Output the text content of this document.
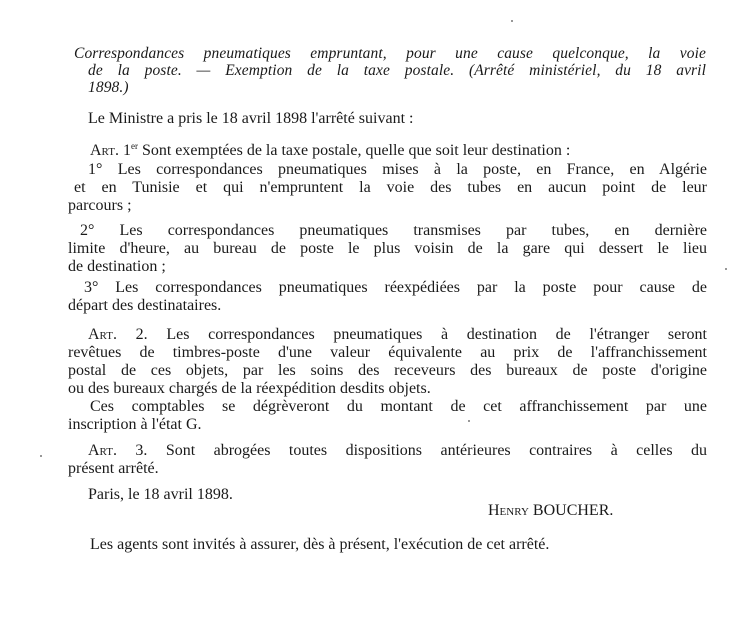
Correspondances pneumatiques empruntant, pour une cause quelconque, la voie
de la poste. — Exemption de la taxe postale. (Arrêté ministériel, du 18 avril
1898.)
Le Ministre a pris le 18 avril 1898 l'arrêté suivant :
Art. 1er Sont exemptées de la taxe postale, quelle que soit leur destination :
1° Les correspondances pneumatiques mises à la poste, en France, en Algérie
et en Tunisie et qui n'empruntent la voie des tubes en aucun point de leur
parcours ;
2° Les correspondances pneumatiques transmises par tubes, en dernière
limite d'heure, au bureau de poste le plus voisin de la gare qui dessert le lieu
de destination ;
3° Les correspondances pneumatiques réexpédiées par la poste pour cause de
départ des destinataires.
Art. 2. Les correspondances pneumatiques à destination de l'étranger seront
revêtues de timbres-poste d'une valeur équivalente au prix de l'affranchissement
postal de ces objets, par les soins des receveurs des bureaux de poste d'origine
ou des bureaux chargés de la réexpédition desdits objets.
Ces comptables se dégrèveront du montant de cet affranchissement par une
inscription à l'état G.
Art. 3. Sont abrogées toutes dispositions antérieures contraires à celles du
présent arrêté.
Paris, le 18 avril 1898.
Henry BOUCHER.
Les agents sont invités à assurer, dès à présent, l'exécution de cet arrêté.
